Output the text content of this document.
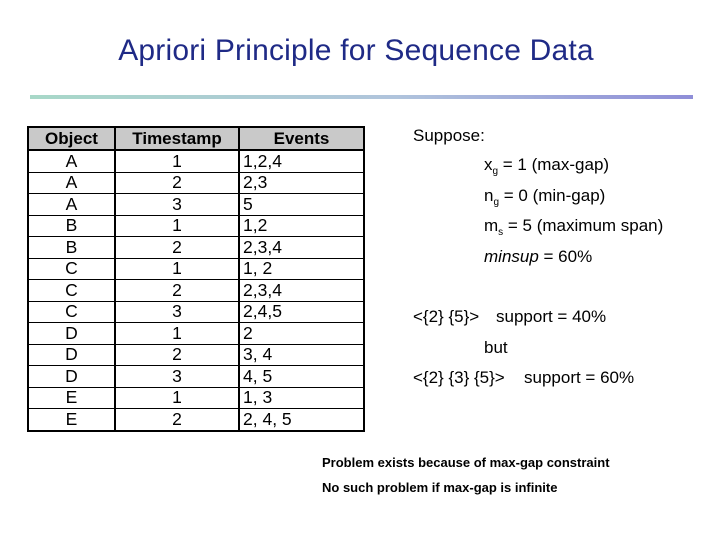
Apriori Principle for Sequence Data
Object	Timestamp	Events
A	1	1,2,4
A	2	2,3
A	3	5
B	1	1,2
B	2	2,3,4
C	1	1, 2
C	2	2,3,4
C	3	2,4,5
D	1	2
D	2	3, 4
D	3	4, 5
E	1	1, 3
E	2	2, 4, 5
Suppose:
$x_g = 1$ (max-gap)
$n_g = 0$ (min-gap)
$m_s = 5$ (maximum span)
minsup = 60%
<{2} {5}> support = 40%
but
<{2} {3} {5}> support = 60%
Problem exists because of max-gap constraint
No such problem if max-gap is infinite
